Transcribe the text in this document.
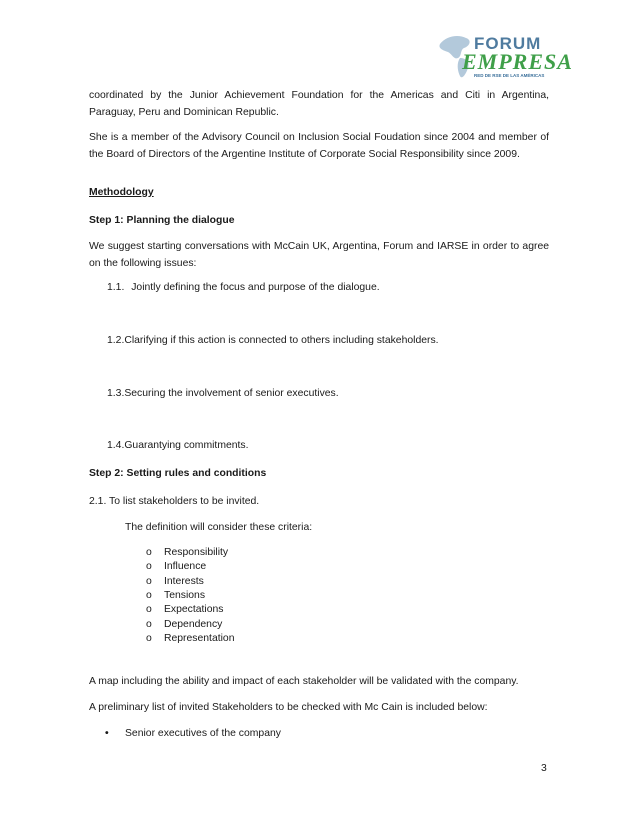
FORUM
EMPRESA
RED DE RSE DE LAS AMÉRICAS
coordinated by the Junior Achievement Foundation for the Americas and Citi in Argentina, Paraguay, Peru and Dominican Republic.
She is a member of the Advisory Council on Inclusion Social Foudation since 2004 and member of the Board of Directors of the Argentine Institute of Corporate Social Responsibility since 2009.
Methodology
Step 1: Planning the dialogue
We suggest starting conversations with McCain UK, Argentina, Forum and IARSE in order to agree on the following issues:
1.1. Jointly defining the focus and purpose of the dialogue.
1.2.Clarifying if this action is connected to others including stakeholders.
1.3.Securing the involvement of senior executives.
1.4.Guarantying commitments.
Step 2: Setting rules and conditions
2.1. To list stakeholders to be invited.
The definition will consider these criteria:
o Responsibility
o Influence
o Interests
o Tensions
o Expectations
o Dependency
o Representation
A map including the ability and impact of each stakeholder will be validated with the company.
A preliminary list of invited Stakeholders to be checked with Mc Cain is included below:
• Senior executives of the company
3
